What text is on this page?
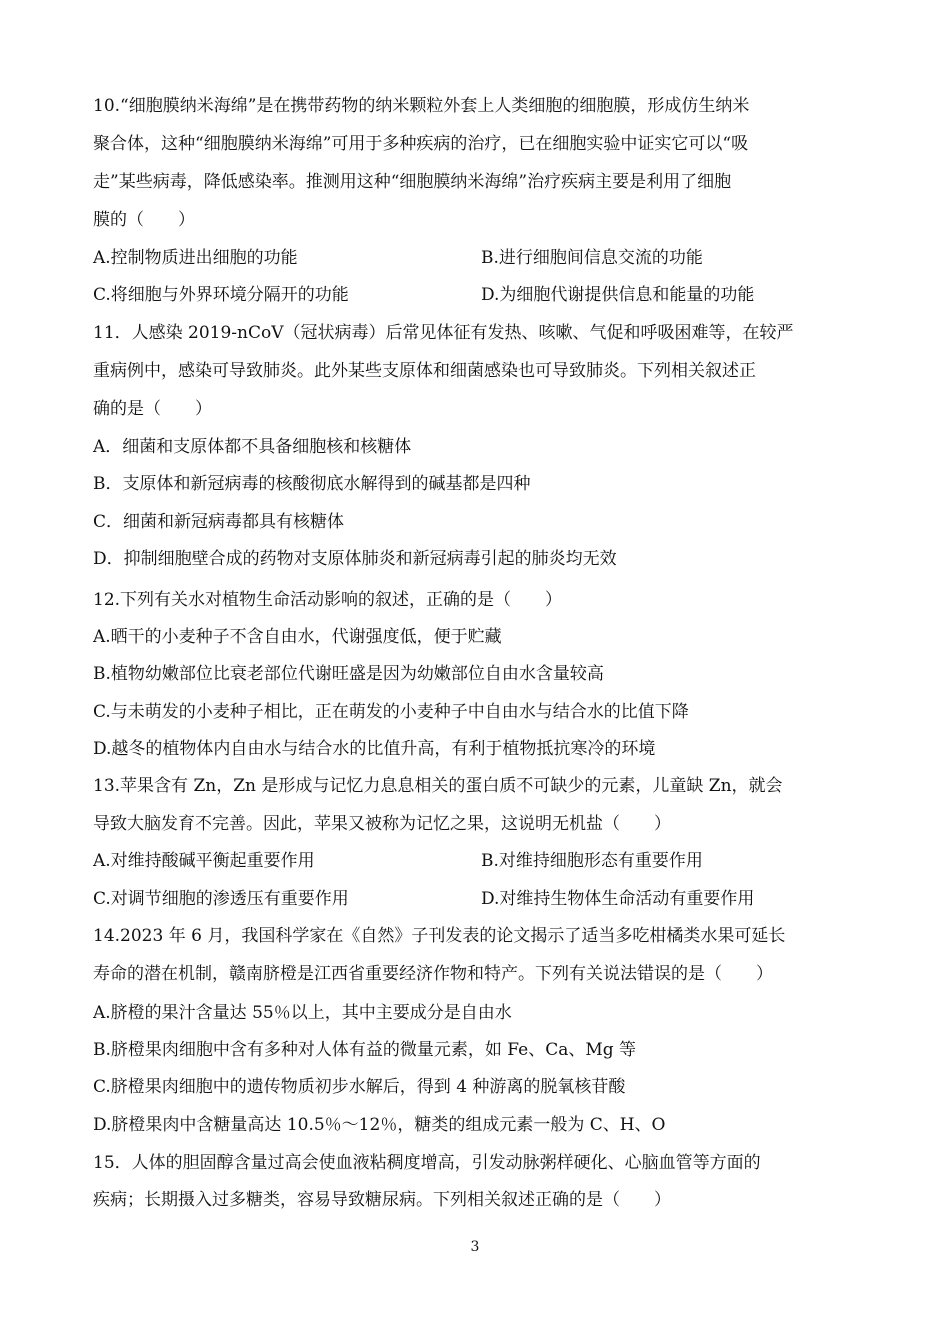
10.“细胞膜纳米海绵”是在携带药物的纳米颗粒外套上人类细胞的细胞膜，形成仿生纳米
聚合体，这种“细胞膜纳米海绵”可用于多种疾病的治疗，已在细胞实验中证实它可以“吸
走”某些病毒，降低感染率。推测用这种“细胞膜纳米海绵”治疗疾病主要是利用了细胞
膜的（　　）
A.控制物质进出细胞的功能	B.进行细胞间信息交流的功能
C.将细胞与外界环境分隔开的功能	D.为细胞代谢提供信息和能量的功能
11．人感染 2019-nCoV（冠状病毒）后常见体征有发热、咳嗽、气促和呼吸困难等，在较严
重病例中，感染可导致肺炎。此外某些支原体和细菌感染也可导致肺炎。下列相关叙述正
确的是（　　）
A．细菌和支原体都不具备细胞核和核糖体
B．支原体和新冠病毒的核酸彻底水解得到的碱基都是四种
C．细菌和新冠病毒都具有核糖体
D．抑制细胞壁合成的药物对支原体肺炎和新冠病毒引起的肺炎均无效
12.下列有关水对植物生命活动影响的叙述，正确的是（　　）
A.晒干的小麦种子不含自由水，代谢强度低，便于贮藏
B.植物幼嫩部位比衰老部位代谢旺盛是因为幼嫩部位自由水含量较高
C.与未萌发的小麦种子相比，正在萌发的小麦种子中自由水与结合水的比值下降
D.越冬的植物体内自由水与结合水的比值升高，有利于植物抵抗寒冷的环境
13.苹果含有 Zn，Zn 是形成与记忆力息息相关的蛋白质不可缺少的元素，儿童缺 Zn，就会
导致大脑发育不完善。因此，苹果又被称为记忆之果，这说明无机盐（　　）
A.对维持酸碱平衡起重要作用	B.对维持细胞形态有重要作用
C.对调节细胞的渗透压有重要作用	D.对维持生物体生命活动有重要作用
14.2023 年 6 月，我国科学家在《自然》子刊发表的论文揭示了适当多吃柑橘类水果可延长
寿命的潜在机制，赣南脐橙是江西省重要经济作物和特产。下列有关说法错误的是（　　）
A.脐橙的果汁含量达 55％以上，其中主要成分是自由水
B.脐橙果肉细胞中含有多种对人体有益的微量元素，如 Fe、Ca、Mg 等
C.脐橙果肉细胞中的遗传物质初步水解后，得到 4 种游离的脱氧核苷酸
D.脐橙果肉中含糖量高达 10.5％～12％，糖类的组成元素一般为 C、H、O
15．人体的胆固醇含量过高会使血液粘稠度增高，引发动脉粥样硬化、心脑血管等方面的
疾病；长期摄入过多糖类，容易导致糖尿病。下列相关叙述正确的是（　　）
3
